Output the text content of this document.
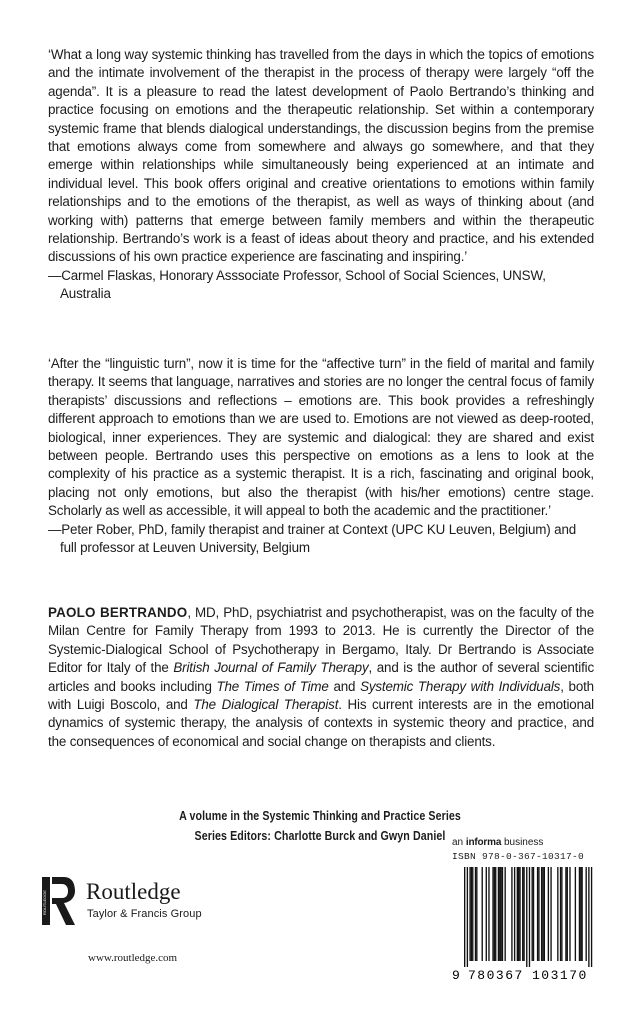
‘What a long way systemic thinking has travelled from the days in which the topics of emotions and the intimate involvement of the therapist in the process of therapy were largely “off the agenda”. It is a pleasure to read the latest development of Paolo Bertrando’s thinking and practice focusing on emotions and the therapeutic relationship. Set within a contemporary systemic frame that blends dialogical understandings, the discussion begins from the premise that emotions always come from somewhere and always go somewhere, and that they emerge within relationships while simultaneously being experienced at an intimate and individual level. This book offers original and creative orientations to emotions within family relationships and to the emotions of the therapist, as well as ways of thinking about (and working with) patterns that emerge between family members and within the therapeutic relationship. Bertrando’s work is a feast of ideas about theory and practice, and his extended discussions of his own practice experience are fascinating and inspiring.’

—Carmel Flaskas, Honorary Asssociate Professor, School of Social Sciences, UNSW, Australia

‘After the “linguistic turn”, now it is time for the “affective turn” in the field of marital and family therapy. It seems that language, narratives and stories are no longer the central focus of family therapists’ discussions and reflections – emotions are. This book provides a refreshingly different approach to emotions than we are used to. Emotions are not viewed as deep-rooted, biological, inner experiences. They are systemic and dialogical: they are shared and exist between people. Bertrando uses this perspective on emotions as a lens to look at the complexity of his practice as a systemic therapist. It is a rich, fascinating and original book, placing not only emotions, but also the therapist (with his/her emotions) centre stage. Scholarly as well as accessible, it will appeal to both the academic and the practitioner.’

—Peter Rober, PhD, family therapist and trainer at Context (UPC KU Leuven, Belgium) and full professor at Leuven University, Belgium

PAOLO BERTRANDO, MD, PhD, psychiatrist and psychotherapist, was on the faculty of the Milan Centre for Family Therapy from 1993 to 2013. He is currently the Director of the Systemic-Dialogical School of Psychotherapy in Bergamo, Italy. Dr Bertrando is Associate Editor for Italy of the British Journal of Family Therapy, and is the author of several scientific articles and books including The Times of Time and Systemic Therapy with Individuals, both with Luigi Boscolo, and The Dialogical Therapist. His current interests are in the emotional dynamics of systemic therapy, the analysis of contexts in systemic theory and practice, and the consequences of economical and social change on therapists and clients.

A volume in the Systemic Thinking and Practice Series
Series Editors: Charlotte Burck and Gwyn Daniel an informa business
ROUTLEDGE Routledge
Taylor & Francis Group
www.routledge.com
ISBN 978-0-367-10317-0
9 780367 103170
